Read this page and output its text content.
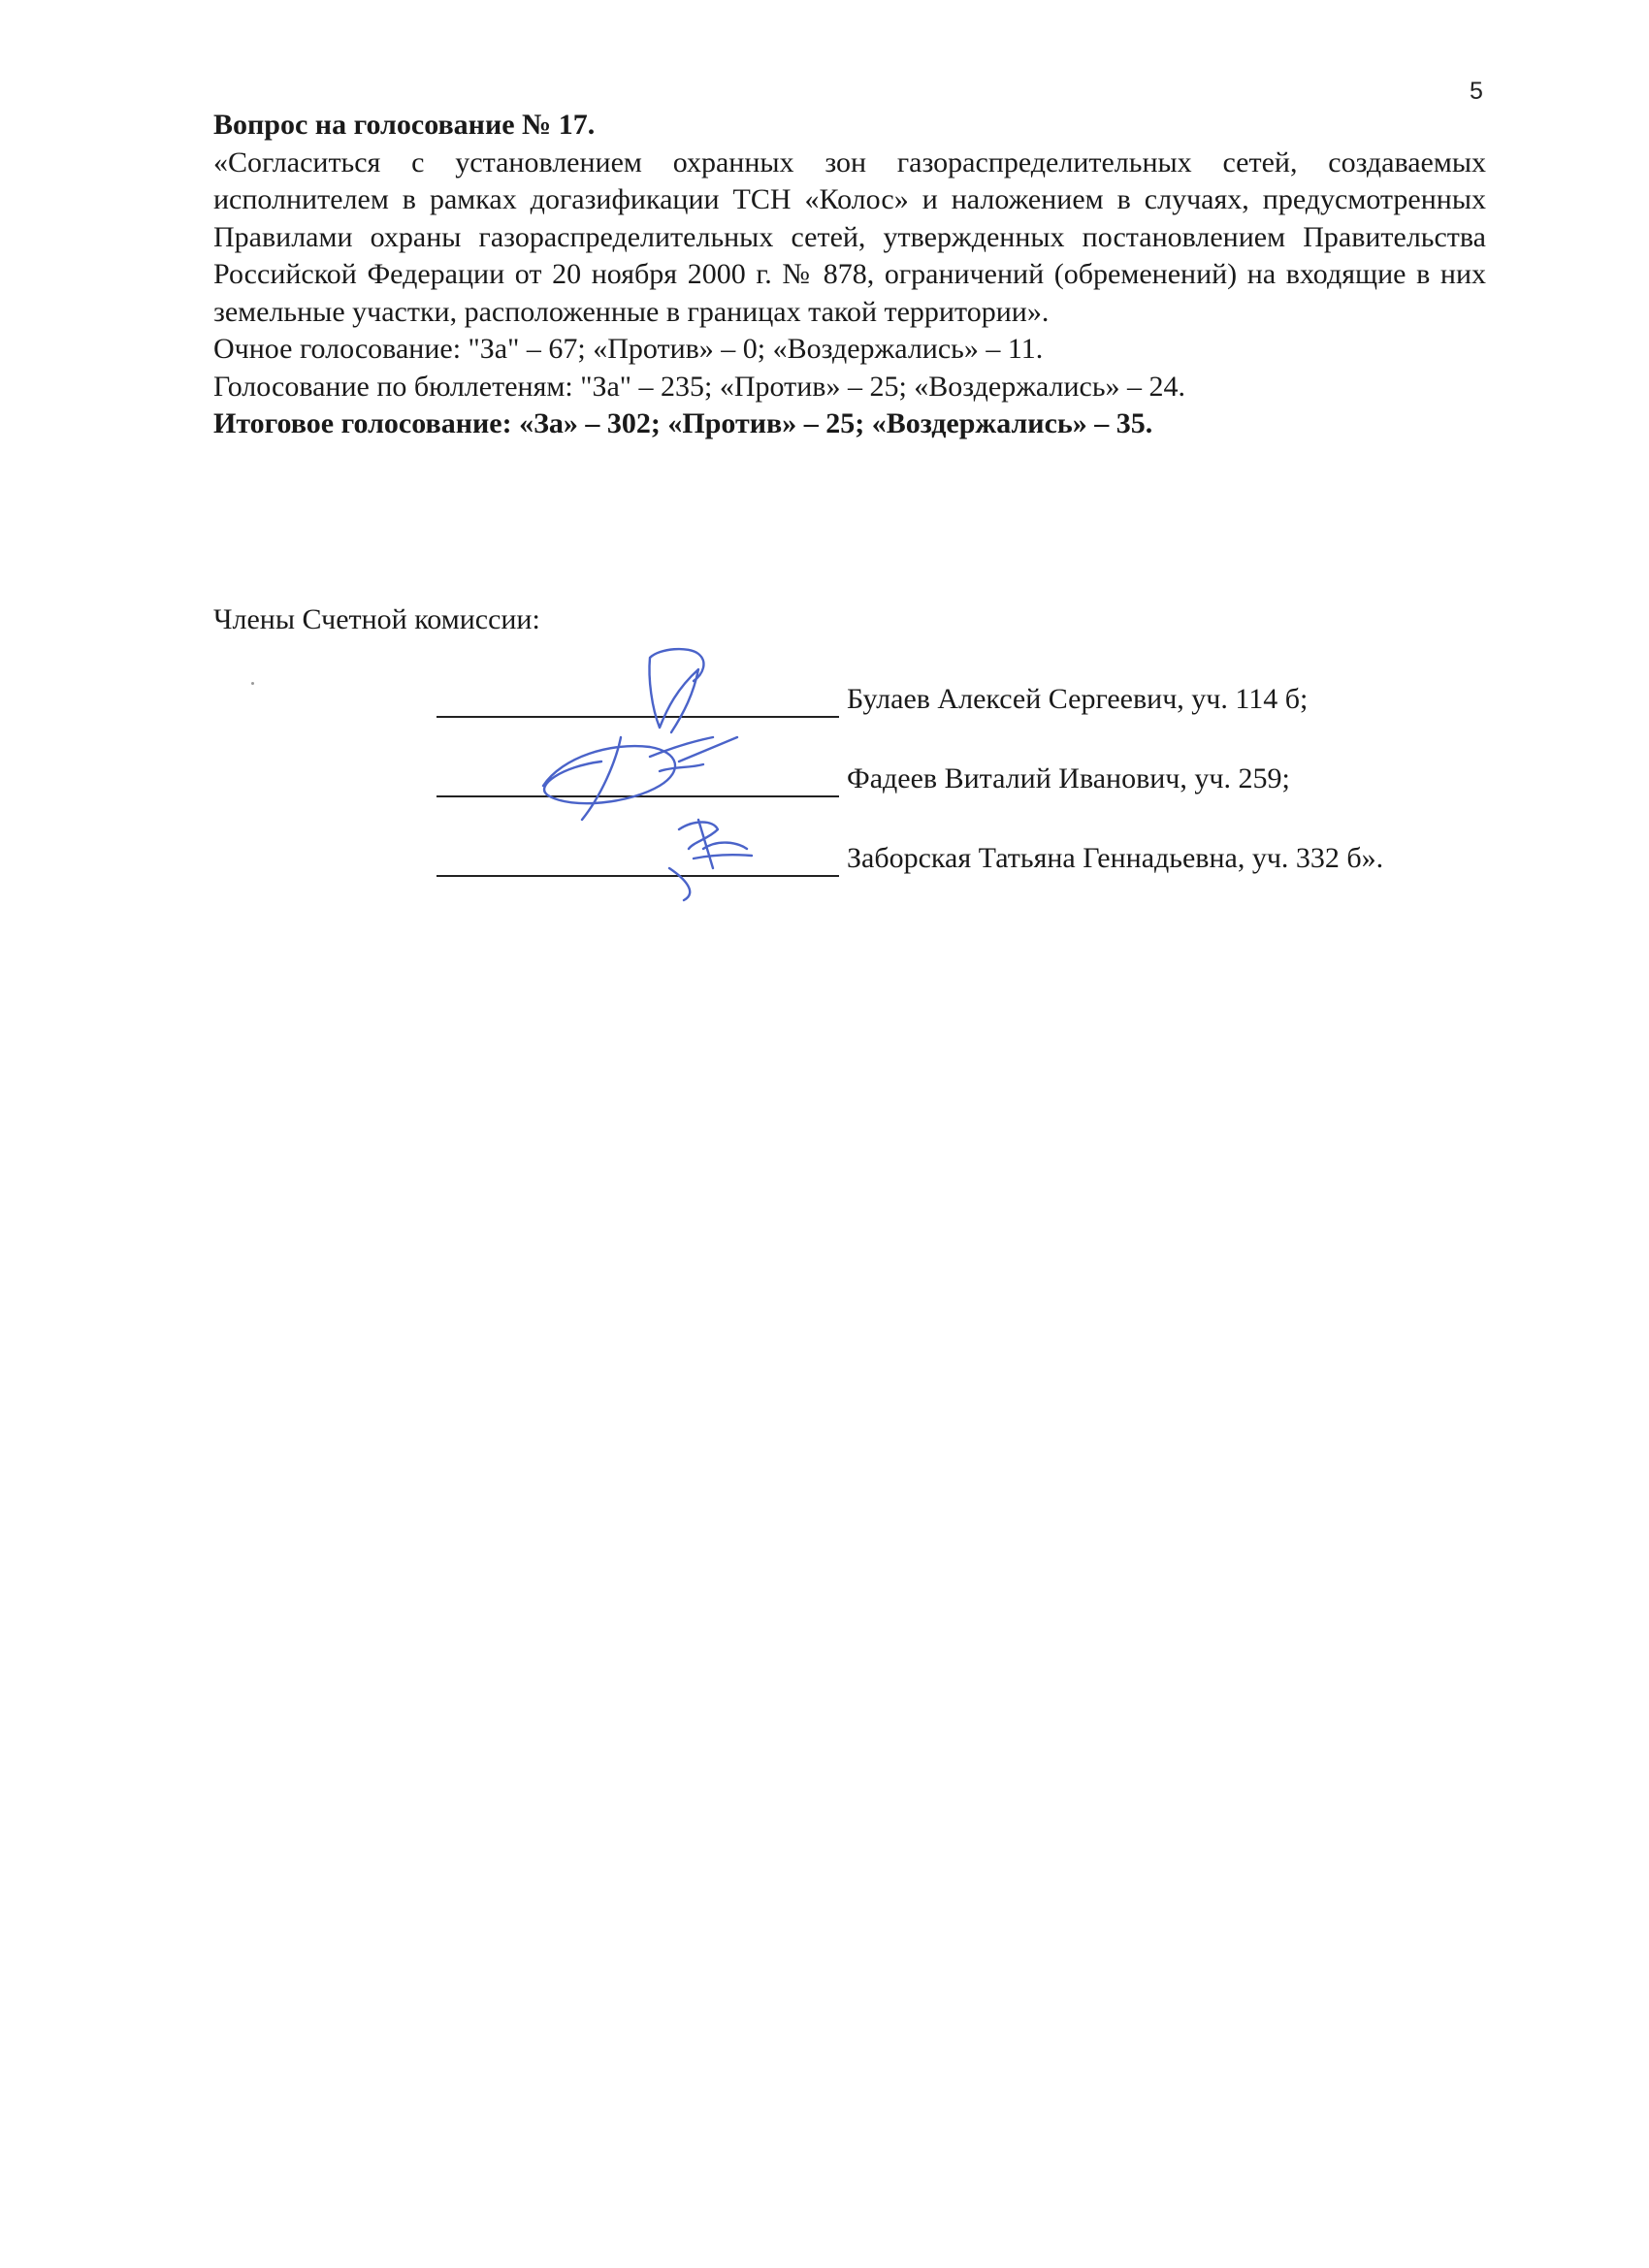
5

Вопрос на голосование № 17.

«Согласиться с установлением охранных зон газораспределительных сетей, создаваемых исполнителем в рамках догазификации ТСН «Колос» и наложением в случаях, предусмотренных Правилами охраны газораспределительных сетей, утвержденных постановлением Правительства Российской Федерации от 20 ноября 2000 г. № 878, ограничений (обременений) на входящие в них земельные участки, расположенные в границах такой территории».

Очное голосование: "За" – 67; «Против» – 0; «Воздержались» – 11.

Голосование по бюллетеням: "За" – 235; «Против» – 25; «Воздержались» – 24.

Итоговое голосование: «За» – 302; «Против» – 25; «Воздержались» – 35.

Члены Счетной комиссии:

Булаев Алексей Сергеевич, уч. 114 б;
Фадеев Виталий Иванович, уч. 259;
Заборская Татьяна Геннадьевна, уч. 332 б».
